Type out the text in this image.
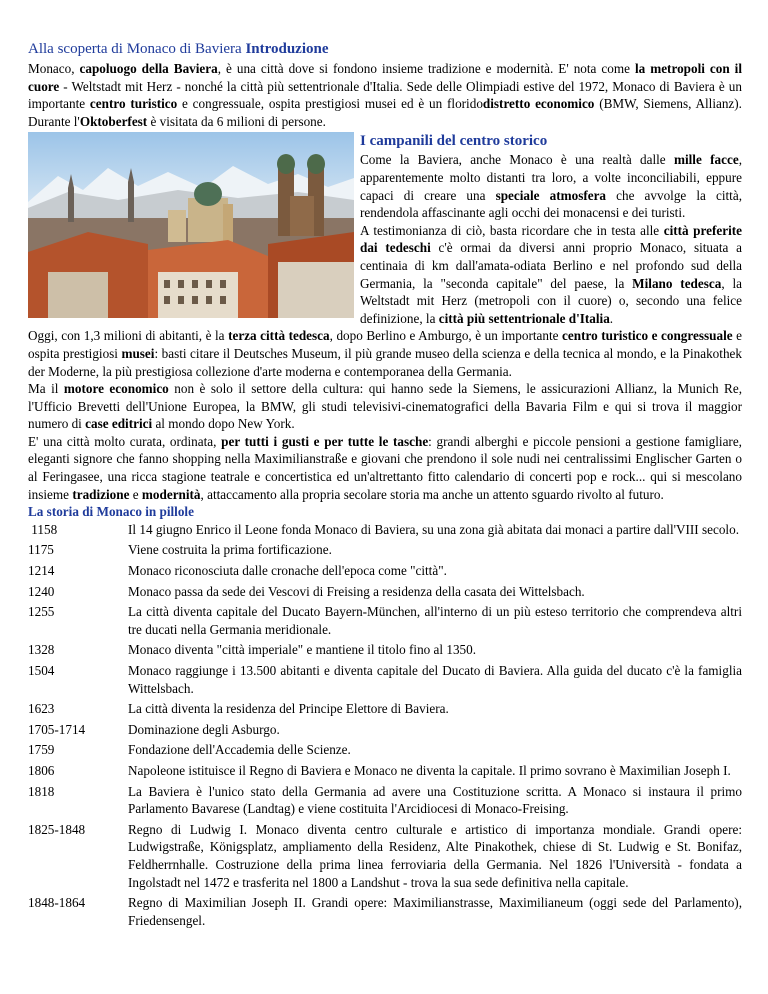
Alla scoperta di Monaco di Baviera Introduzione

Monaco, capoluogo della Baviera, è una città dove si fondono insieme tradizione e modernità. E' nota come la metropoli con il cuore - Weltstadt mit Herz - nonché la città più settentrionale d'Italia. Sede delle Olimpiadi estive del 1972, Monaco di Baviera è un importante centro turistico e congressuale, ospita prestigiosi musei ed è un floridodistretto economico (BMW, Siemens, Allianz). Durante l'Oktoberfest è visitata da 6 milioni di persone.

I campanili del centro storico

Come la Baviera, anche Monaco è una realtà dalle mille facce, apparentemente molto distanti tra loro, a volte inconciliabili, eppure capaci di creare una speciale atmosfera che avvolge la città, rendendola affascinante agli occhi dei monacensi e dei turisti.

A testimonianza di ciò, basta ricordare che in testa alle città preferite dai tedeschi c'è ormai da diversi anni proprio Monaco, situata a centinaia di km dall'amata-odiata Berlino e nel profondo sud della Germania, la "seconda capitale" del paese, la Milano tedesca, la Weltstadt mit Herz (metropoli con il cuore) o, secondo una felice definizione, la città più settentrionale d'Italia.

Oggi, con 1,3 milioni di abitanti, è la terza città tedesca, dopo Berlino e Amburgo, è un importante centro turistico e congressuale e ospita prestigiosi musei: basti citare il Deutsches Museum, il più grande museo della scienza e della tecnica al mondo, e la Pinakothek der Moderne, la più prestigiosa collezione d'arte moderna e contemporanea della Germania.

Ma il motore economico non è solo il settore della cultura: qui hanno sede la Siemens, le assicurazioni Allianz, la Munich Re, l'Ufficio Brevetti dell'Unione Europea, la BMW, gli studi televisivi-cinematografici della Bavaria Film e qui si trova il maggior numero di case editrici al mondo dopo New York.

E' una città molto curata, ordinata, per tutti i gusti e per tutte le tasche: grandi alberghi e piccole pensioni a gestione famigliare, eleganti signore che fanno shopping nella Maximilianstraße e giovani che prendono il sole nudi nei centralissimi Englischer Garten o al Feringasee, una ricca stagione teatrale e concertistica ed un'altrettanto fitto calendario di concerti pop e rock... qui si mescolano insieme tradizione e modernità, attaccamento alla propria secolare storia ma anche un attento sguardo rivolto al futuro.

La storia di Monaco in pillole
1158	Il 14 giugno Enrico il Leone fonda Monaco di Baviera, su una zona già abitata dai monaci a partire dall'VIII secolo.
1175	Viene costruita la prima fortificazione.
1214	Monaco riconosciuta dalle cronache dell'epoca come "città".
1240	Monaco passa da sede dei Vescovi di Freising a residenza della casata dei Wittelsbach.
1255	La città diventa capitale del Ducato Bayern-München, all'interno di un più esteso territorio che comprendeva altri tre ducati nella Germania meridionale.
1328	Monaco diventa "città imperiale" e mantiene il titolo fino al 1350.
1504	Monaco raggiunge i 13.500 abitanti e diventa capitale del Ducato di Baviera. Alla guida del ducato c'è la famiglia Wittelsbach.
1623	La città diventa la residenza del Principe Elettore di Baviera.
1705-1714	Dominazione degli Asburgo.
1759	Fondazione dell'Accademia delle Scienze.
1806	Napoleone istituisce il Regno di Baviera e Monaco ne diventa la capitale. Il primo sovrano è Maximilian Joseph I.
1818	La Baviera è l'unico stato della Germania ad avere una Costituzione scritta. A Monaco si instaura il primo Parlamento Bavarese (Landtag) e viene costituita l'Arcidiocesi di Monaco-Freising.
1825-1848	Regno di Ludwig I. Monaco diventa centro culturale e artistico di importanza mondiale. Grandi opere: Ludwigstraße, Königsplatz, ampliamento della Residenz, Alte Pinakothek, chiese di St. Ludwig e St. Bonifaz, Feldherrnhalle. Costruzione della prima linea ferroviaria della Germania. Nel 1826 l'Università - fondata a Ingolstadt nel 1472 e trasferita nel 1800 a Landshut - trova la sua sede definitiva nella capitale.
1848-1864	Regno di Maximilian Joseph II. Grandi opere: Maximilianstrasse, Maximilianeum (oggi sede del Parlamento), Friedensengel.
